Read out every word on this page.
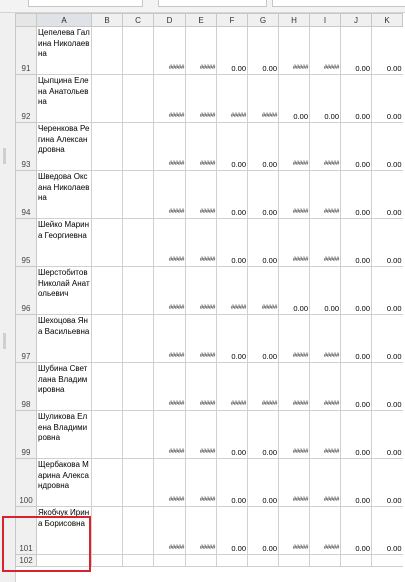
	A	B	C	D	E	F	G	H	I	J	K
91	Цепелева Галина Николаевна			#####	#####	0.00	0.00	#####	#####	0.00	0.00
92	Цыпцина Елена Анатольевна			#####	#####	#####	#####	0.00	0.00	0.00	0.00
93	Черенкова Регина Александровна			#####	#####	0.00	0.00	#####	#####	0.00	0.00
94	Шведова Оксана Николаевна			#####	#####	0.00	0.00	#####	#####	0.00	0.00
95	Шейко Марина Георгиевна			#####	#####	0.00	0.00	#####	#####	0.00	0.00
96	Шерстобитов Николай Анатольевич			#####	#####	#####	#####	0.00	0.00	0.00	0.00
97	Шехоцова Яна Васильевна			#####	#####	0.00	0.00	#####	#####	0.00	0.00
98	Шубина Светлана Владимировна			#####	#####	#####	#####	#####	#####	0.00	0.00
99	Шуликова Елена Владимировна			#####	#####	0.00	0.00	#####	#####	0.00	0.00
100	Щербакова Марина Александровна			#####	#####	0.00	0.00	#####	#####	0.00	0.00
101	Якобчук Ирина Борисовна			#####	#####	0.00	0.00	#####	#####	0.00	0.00
102											
